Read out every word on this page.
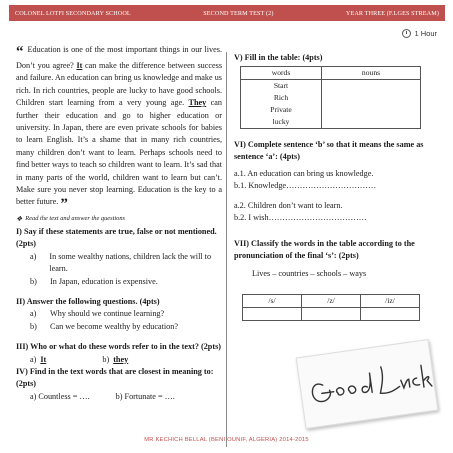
COLONEL LOTFI SECONDARY SCHOOL	SECOND TERM TEST (2)	YEAR THREE (F.LGES STREAM)
1 Hour
“ Education is one of the most important things in our lives. Don’t you agree? It can make the difference between success and failure. An education can bring us knowledge and make us rich. In rich countries, people are lucky to have good schools. Children start learning from a very young age. They can further their education and go to higher education or university. In Japan, there are even private schools for babies to learn English. It’s a shame that in many rich countries, many children don’t want to learn. Perhaps schools need to find better ways to teach so children want to learn. It’s sad that in many parts of the world, children want to learn but can’t. Make sure you never stop learning. Education is the key to a better future. ”
❖ Read the text and answer the questions
I) Say if these statements are true, false or not mentioned. (2pts)
a)	In some wealthy nations, children lack the will to learn.
b)	In Japan, education is expensive.
II) Answer the following questions. (4pts)
a)	Why should we continue learning?
b)	Can we become wealthy by education?
III) Who or what do these words refer to in the text? (2pts)
a) It	b) they
IV) Find in the text words that are closest in meaning to: (2pts)
a) Countless = ….	b) Fortunate = ….
V) Fill in the table: (4pts)
words	nouns
Start	
Rich	
Private	
lucky	
VI) Complete sentence ‘b’ so that it means the same as sentence ‘a’: (4pts)
a.1. An education can bring us knowledge.
b.1. Knowledge……………………………
a.2. Children don’t want to learn.
b.2. I wish………………………………
VII) Classify the words in the table according to the pronunciation of the final ‘s’: (2pts)
Lives – countries – schools – ways
/s/	/z/	/iz/

MR KECHICH BELLAL (BENI OUNIF, ALGERIA) 2014-2015
